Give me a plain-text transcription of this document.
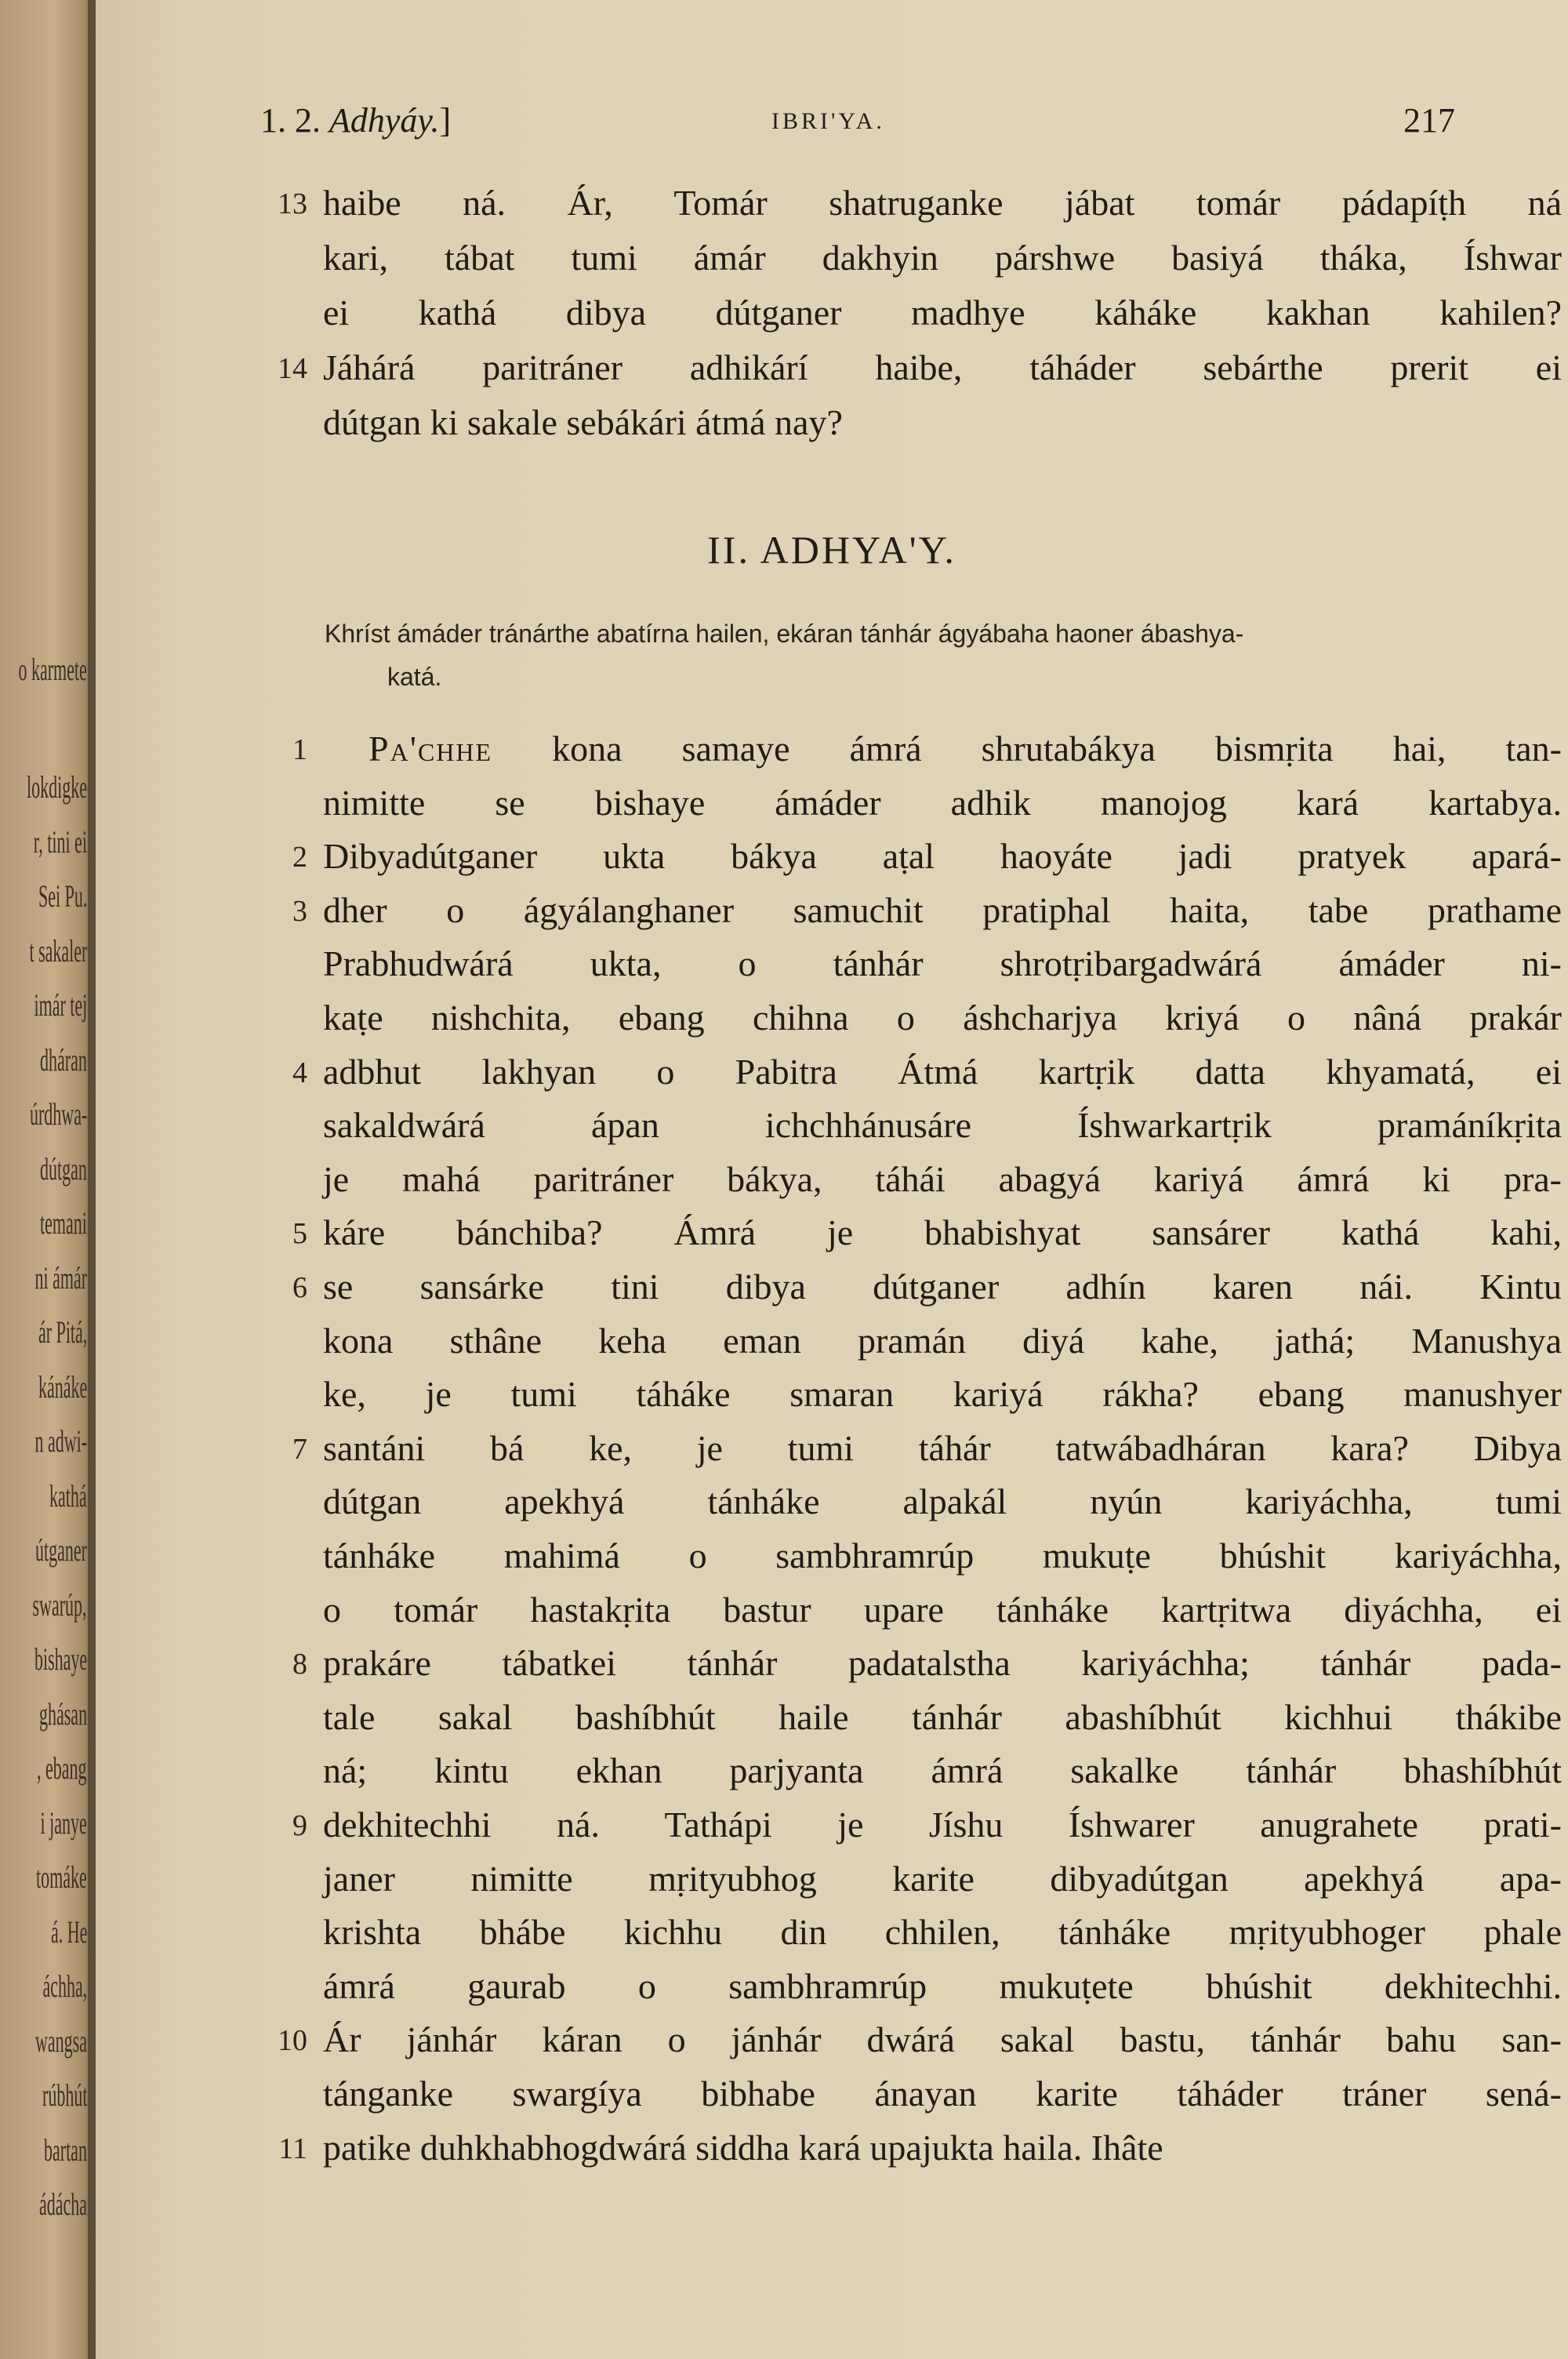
o karmete
lokdigke
r, tini ei
Sei Pu.
t sakaler
imár tej
dháran
úrdhwa-
dútgan
temani
ni ámár
ár Pitá,
kánáke
n adwi-
kathá
útganer
swarúp,
bishaye
ghásan
, ebang
i janye
tomáke
á. He
áchha,
wangsa
rúbhút
bartan
ádácha
1. 2. Adhyáy.]	IBRI'YA.	217
13 haibe ná. Ár, Tomár shatruganke jábat tomár pádapíṭh ná
kari, tábat tumi ámár dakhyin párshwe basiyá tháka, Íshwar
ei kathá dibya dútganer madhye káháke kakhan kahilen?
14 Jáhárá paritráner adhikárí haibe, táháder sebárthe prerit ei
dútgan ki sakale sebákári átmá nay?
II. ADHYA'Y.
Khríst ámáder tránárthe abatírna hailen, ekáran tánhár ágyábaha haoner ábashya-
katá.
1 Pa'chhe kona samaye ámrá shrutabákya bismṛita hai, tan-
nimitte se bishaye ámáder adhik manojog kará kartabya.
2 Dibyadútganer ukta bákya aṭal haoyáte jadi pratyek apará-
3 dher o ágyálanghaner samuchit pratiphal haita, tabe prathame
Prabhudwárá ukta, o tánhár shrotṛibargadwárá ámáder ni-
kaṭe nishchita, ebang chihna o áshcharjya kriyá o nâná prakár
4 adbhut lakhyan o Pabitra Átmá kartṛik datta khyamatá, ei
sakaldwárá ápan ichchhánusáre Íshwarkartṛik pramáníkṛita
je mahá paritráner bákya, táhái abagyá kariyá ámrá ki pra-
5 káre bánchiba? Ámrá je bhabishyat sansárer kathá kahi,
6 se sansárke tini dibya dútganer adhín karen nái. Kintu
kona sthâne keha eman pramán diyá kahe, jathá; Manushya
ke, je tumi táháke smaran kariyá rákha? ebang manushyer
7 santáni bá ke, je tumi táhár tatwábadháran kara? Dibya
dútgan apekhyá tánháke alpakál nyún kariyáchha, tumi
tánháke mahimá o sambhramrúp mukuṭe bhúshit kariyáchha,
o tomár hastakṛita bastur upare tánháke kartṛitwa diyáchha, ei
8 prakáre tábatkei tánhár padatalstha kariyáchha; tánhár pada-
tale sakal bashíbhút haile tánhár abashíbhút kichhui thákibe
ná; kintu ekhan parjyanta ámrá sakalke tánhár bhashíbhút
9 dekhitechhi ná. Tathápi je Jíshu Íshwarer anugrahete prati-
janer nimitte mṛityubhog karite dibyadútgan apekhyá apa-
krishta bhábe kichhu din chhilen, tánháke mṛityubhoger phale
ámrá gaurab o sambhramrúp mukuṭete bhúshit dekhitechhi.
10 Ár jánhár káran o jánhár dwárá sakal bastu, tánhár bahu san-
tánganke swargíya bibhabe ánayan karite táháder tráner sená-
11 patike duhkhabhogdwárá siddha kará upajukta haila. Ihâte
